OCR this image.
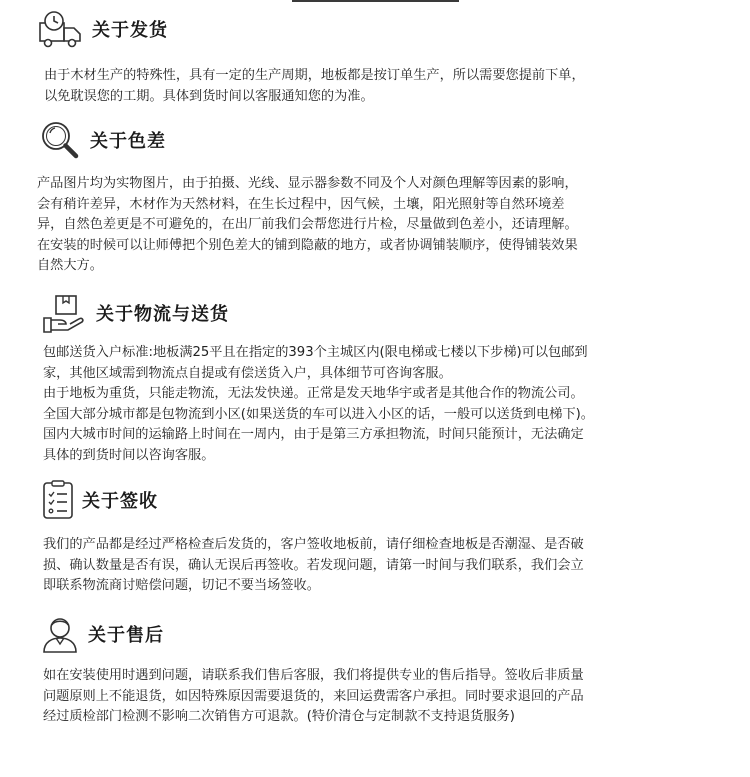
关于发货

由于木材生产的特殊性，具有一定的生产周期，地板都是按订单生产，所以需要您提前下单，

以免耽误您的工期。具体到货时间以客服通知您的为准。

关于色差

产品图片均为实物图片，由于拍摄、光线、显示器参数不同及个人对颜色理解等因素的影响，

会有稍许差异，木材作为天然材料，在生长过程中，因气候，土壤，阳光照射等自然环境差

异，自然色差更是不可避免的，在出厂前我们会帮您进行片检，尽量做到色差小，还请理解。

在安装的时候可以让师傅把个别色差大的铺到隐蔽的地方，或者协调铺装顺序，使得铺装效果

自然大方。

关于物流与送货

包邮送货入户标准:地板满25平且在指定的393个主城区内(限电梯或七楼以下步梯)可以包邮到

家，其他区域需到物流点自提或有偿送货入户，具体细节可咨询客服。

由于地板为重货，只能走物流，无法发快递。正常是发天地华宇或者是其他合作的物流公司。

全国大部分城市都是包物流到小区(如果送货的车可以进入小区的话，一般可以送货到电梯下)。

国内大城市时间的运输路上时间在一周内，由于是第三方承担物流，时间只能预计，无法确定

具体的到货时间以咨询客服。

关于签收

我们的产品都是经过严格检查后发货的，客户签收地板前，请仔细检查地板是否潮湿、是否破

损、确认数量是否有误，确认无误后再签收。若发现问题，请第一时间与我们联系，我们会立

即联系物流商讨赔偿问题，切记不要当场签收。

关于售后

如在安装使用时遇到问题，请联系我们售后客服，我们将提供专业的售后指导。签收后非质量

问题原则上不能退货，如因特殊原因需要退货的，来回运费需客户承担。同时要求退回的产品

经过质检部门检测不影响二次销售方可退款。(特价清仓与定制款不支持退货服务)
